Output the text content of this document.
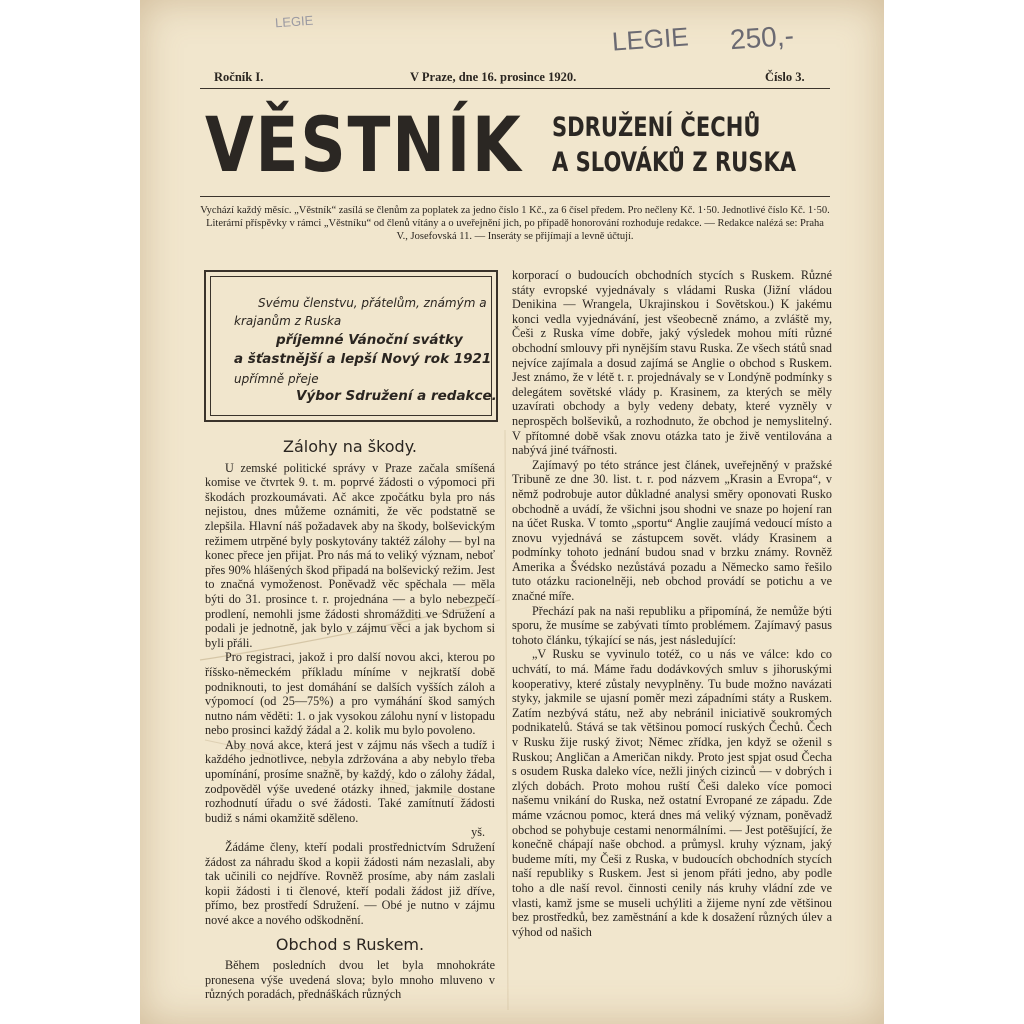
LEGIE	LEGIE 250,-
Ročník I.	V Praze, dne 16. prosince 1920.	Číslo 3.
VĚSTNÍK SDRUŽENÍ ČECHŮ
A SLOVÁKŮ Z RUSKA
Vychází každý měsíc. „Věstník“ zasílá se členům za poplatek za jedno číslo 1 Kč., za 6 čísel předem. Pro nečleny Kč. 1·50. Jednotlivé číslo Kč. 1·50. Literární příspěvky v rámci „Věstníku“ od členů vítány a o uveřejnění jich, po případě honorování rozhoduje redakce. — Redakce nalézá se: Praha V., Josefovská 11. — Inseráty se přijímají a levně účtují.
Svému členstvu, přátelům, známým a
krajanům z Ruska
příjemné Vánoční svátky
a šťastnější a lepší Nový rok 1921
upřímně přeje
Výbor Sdružení a redakce.
Zálohy na škody.

U zemské politické správy v Praze začala smíšená komise ve čtvrtek 9. t. m. poprvé žádosti o výpomoci při škodách prozkoumávati. Ač akce zpočátku byla pro nás nejistou, dnes můžeme oznámiti, že věc podstatně se zlepšila. Hlavní náš požadavek aby na škody, bolševickým režimem utrpěné byly poskytovány taktéž zálohy — byl na konec přece jen přijat. Pro nás má to veliký význam, neboť přes 90% hlášených škod připadá na bolševický režim. Jest to značná vymoženost. Poněvadž věc spěchala — měla býti do 31. prosince t. r. projednána — a bylo nebezpečí prodlení, nemohli jsme žádosti shromážditi ve Sdružení a podali je jednotně, jak bylo v zájmu věci a jak bychom si byli přáli.

Pro registraci, jakož i pro další novou akci, kterou po říšsko-německém příkladu míníme v nejkratší době podniknouti, to jest domáhání se dalších vyšších záloh a výpomocí (od 25—75%) a pro vymáhání škod samých nutno nám věděti: 1. o jak vysokou zálohu nyní v listopadu nebo prosinci každý žádal a 2. kolik mu bylo povoleno.

Aby nová akce, která jest v zájmu nás všech a tudíž i každého jednotlivce, nebyla zdržována a aby nebylo třeba upomínání, prosíme snažně, by každý, kdo o zálohy žádal, zodpověděl výše uvedené otázky ihned, jakmile dostane rozhodnutí úřadu o své žádosti. Také zamítnutí žádosti budiž s námi okamžitě sděleno.

yš.

Žádáme členy, kteří podali prostřednictvím Sdružení žádost za náhradu škod a kopii žádosti nám nezaslali, aby tak učinili co nejdříve. Rovněž prosíme, aby nám zaslali kopii žádosti i ti členové, kteří podali žádost již dříve, přímo, bez prostředí Sdružení. — Obé je nutno v zájmu nové akce a nového odškodnění.

Obchod s Ruskem.

Během posledních dvou let byla mnohokráte pronesena výše uvedená slova; bylo mnoho mluveno v různých poradách, přednáškách různých

korporací o budoucích obchodních stycích s Ruskem. Různé státy evropské vyjednávaly s vládami Ruska (Jižní vládou Denikina — Wrangela, Ukrajinskou i Sovětskou.) K jakému konci vedla vyjednávání, jest všeobecně známo, a zvláště my, Češi z Ruska víme dobře, jaký výsledek mohou míti různé obchodní smlouvy při nynějším stavu Ruska. Ze všech států snad nejvíce zajímala a dosud zajímá se Anglie o obchod s Ruskem. Jest známo, že v létě t. r. projednávaly se v Londýně podmínky s delegátem sovětské vlády p. Krasinem, za kterých se měly uzavírati obchody a byly vedeny debaty, které vyzněly v neprospěch bolševiků, a rozhodnuto, že obchod je nemyslitelný. V přítomné době však znovu otázka tato je živě ventilována a nabývá jiné tvářnosti.

Zajímavý po této stránce jest článek, uveřejněný v pražské Tribuně ze dne 30. list. t. r. pod názvem „Krasin a Evropa“, v němž podrobuje autor důkladné analysi směry oponovati Rusko obchodně a uvádí, že všichni jsou shodni ve snaze po hojení ran na účet Ruska. V tomto „sportu“ Anglie zaujímá vedoucí místo a znovu vyjednává se zástupcem sovět. vlády Krasinem a podmínky tohoto jednání budou snad v brzku známy. Rovněž Amerika a Švédsko nezůstává pozadu a Německo samo řešilo tuto otázku racionelněji, neb obchod provádí se potichu a ve značné míře.

Přechází pak na naši republiku a připomíná, že nemůže býti sporu, že musíme se zabývati tímto problémem. Zajímavý pasus tohoto článku, týkající se nás, jest následující:

„V Rusku se vyvinulo totéž, co u nás ve válce: kdo co uchvátí, to má. Máme řadu dodávkových smluv s jihoruskými kooperativy, které zůstaly nevyplněny. Tu bude možno navázati styky, jakmile se ujasní poměr mezi západními státy a Ruskem. Zatím nezbývá státu, než aby nebránil iniciativě soukromých podnikatelů. Stává se tak většinou pomocí ruských Čechů. Čech v Rusku žije ruský život; Němec zřídka, jen když se oženil s Ruskou; Angličan a Američan nikdy. Proto jest spjat osud Čecha s osudem Ruska daleko více, nežli jiných cizinců — v dobrých i zlých dobách. Proto mohou ruští Češi daleko více pomoci našemu vnikání do Ruska, než ostatní Evropané ze západu. Zde máme vzácnou pomoc, která dnes má veliký význam, poněvadž obchod se pohybuje cestami nenormálními. — Jest potěšující, že konečně chápají naše obchod. a průmysl. kruhy význam, jaký budeme míti, my Češi z Ruska, v budoucích obchodních stycích naší republiky s Ruskem. Jest si jenom přáti jedno, aby podle toho a dle naší revol. činnosti cenily nás kruhy vládní zde ve vlasti, kamž jsme se museli uchýliti a žijeme nyní zde většinou bez prostředků, bez zaměstnání a kde k dosažení různých úlev a výhod od našich
